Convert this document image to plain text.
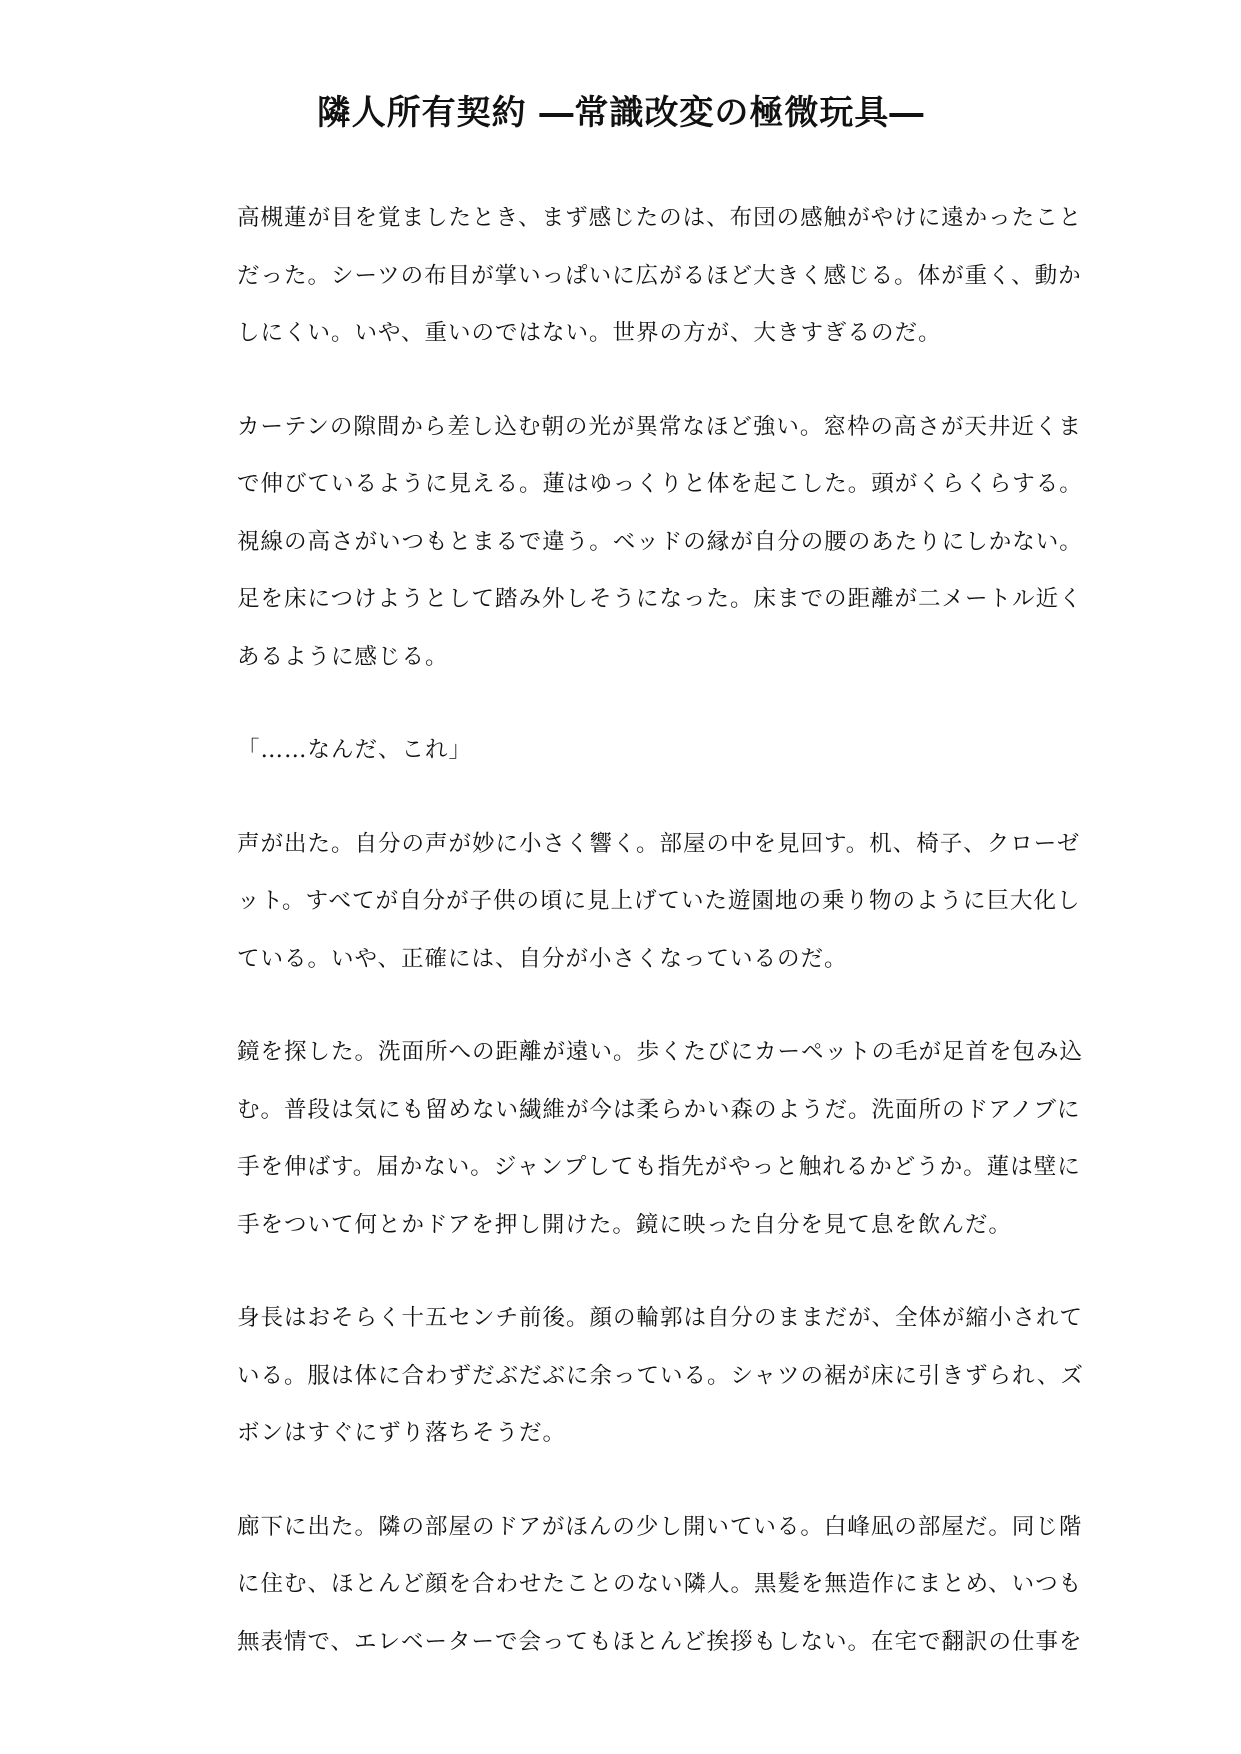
隣人所有契約 ―常識改変の極微玩具―

高槻蓮が目を覚ましたとき、まず感じたのは、布団の感触がやけに遠かったこと
だった。シーツの布目が掌いっぱいに広がるほど大きく感じる。体が重く、動か
しにくい。いや、重いのではない。世界の方が、大きすぎるのだ。

カーテンの隙間から差し込む朝の光が異常なほど強い。窓枠の高さが天井近くま
で伸びているように見える。蓮はゆっくりと体を起こした。頭がくらくらする。
視線の高さがいつもとまるで違う。ベッドの縁が自分の腰のあたりにしかない。
足を床につけようとして踏み外しそうになった。床までの距離が二メートル近く
あるように感じる。

「……なんだ、これ」

声が出た。自分の声が妙に小さく響く。部屋の中を見回す。机、椅子、クローゼ
ット。すべてが自分が子供の頃に見上げていた遊園地の乗り物のように巨大化し
ている。いや、正確には、自分が小さくなっているのだ。

鏡を探した。洗面所への距離が遠い。歩くたびにカーペットの毛が足首を包み込
む。普段は気にも留めない繊維が今は柔らかい森のようだ。洗面所のドアノブに
手を伸ばす。届かない。ジャンプしても指先がやっと触れるかどうか。蓮は壁に
手をついて何とかドアを押し開けた。鏡に映った自分を見て息を飲んだ。

身長はおそらく十五センチ前後。顔の輪郭は自分のままだが、全体が縮小されて
いる。服は体に合わずだぶだぶに余っている。シャツの裾が床に引きずられ、ズ
ボンはすぐにずり落ちそうだ。

廊下に出た。隣の部屋のドアがほんの少し開いている。白峰凪の部屋だ。同じ階
に住む、ほとんど顔を合わせたことのない隣人。黒髪を無造作にまとめ、いつも
無表情で、エレベーターで会ってもほとんど挨拶もしない。在宅で翻訳の仕事を
